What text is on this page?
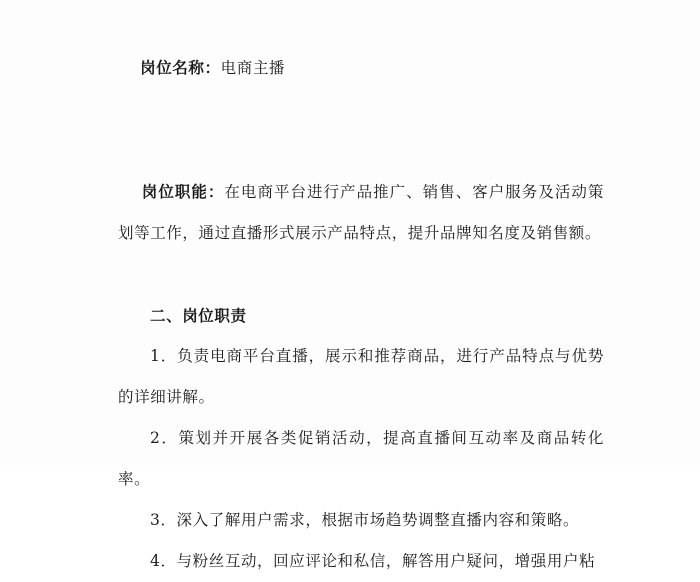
岗位名称：电商主播

岗位职能：在电商平台进行产品推广、销售、客户服务及活动策划等工作，通过直播形式展示产品特点，提升品牌知名度及销售额。

二、岗位职责

1．负责电商平台直播，展示和推荐商品，进行产品特点与优势的详细讲解。

2．策划并开展各类促销活动，提高直播间互动率及商品转化率。

3．深入了解用户需求，根据市场趋势调整直播内容和策略。

4．与粉丝互动，回应评论和私信，解答用户疑问，增强用户粘
